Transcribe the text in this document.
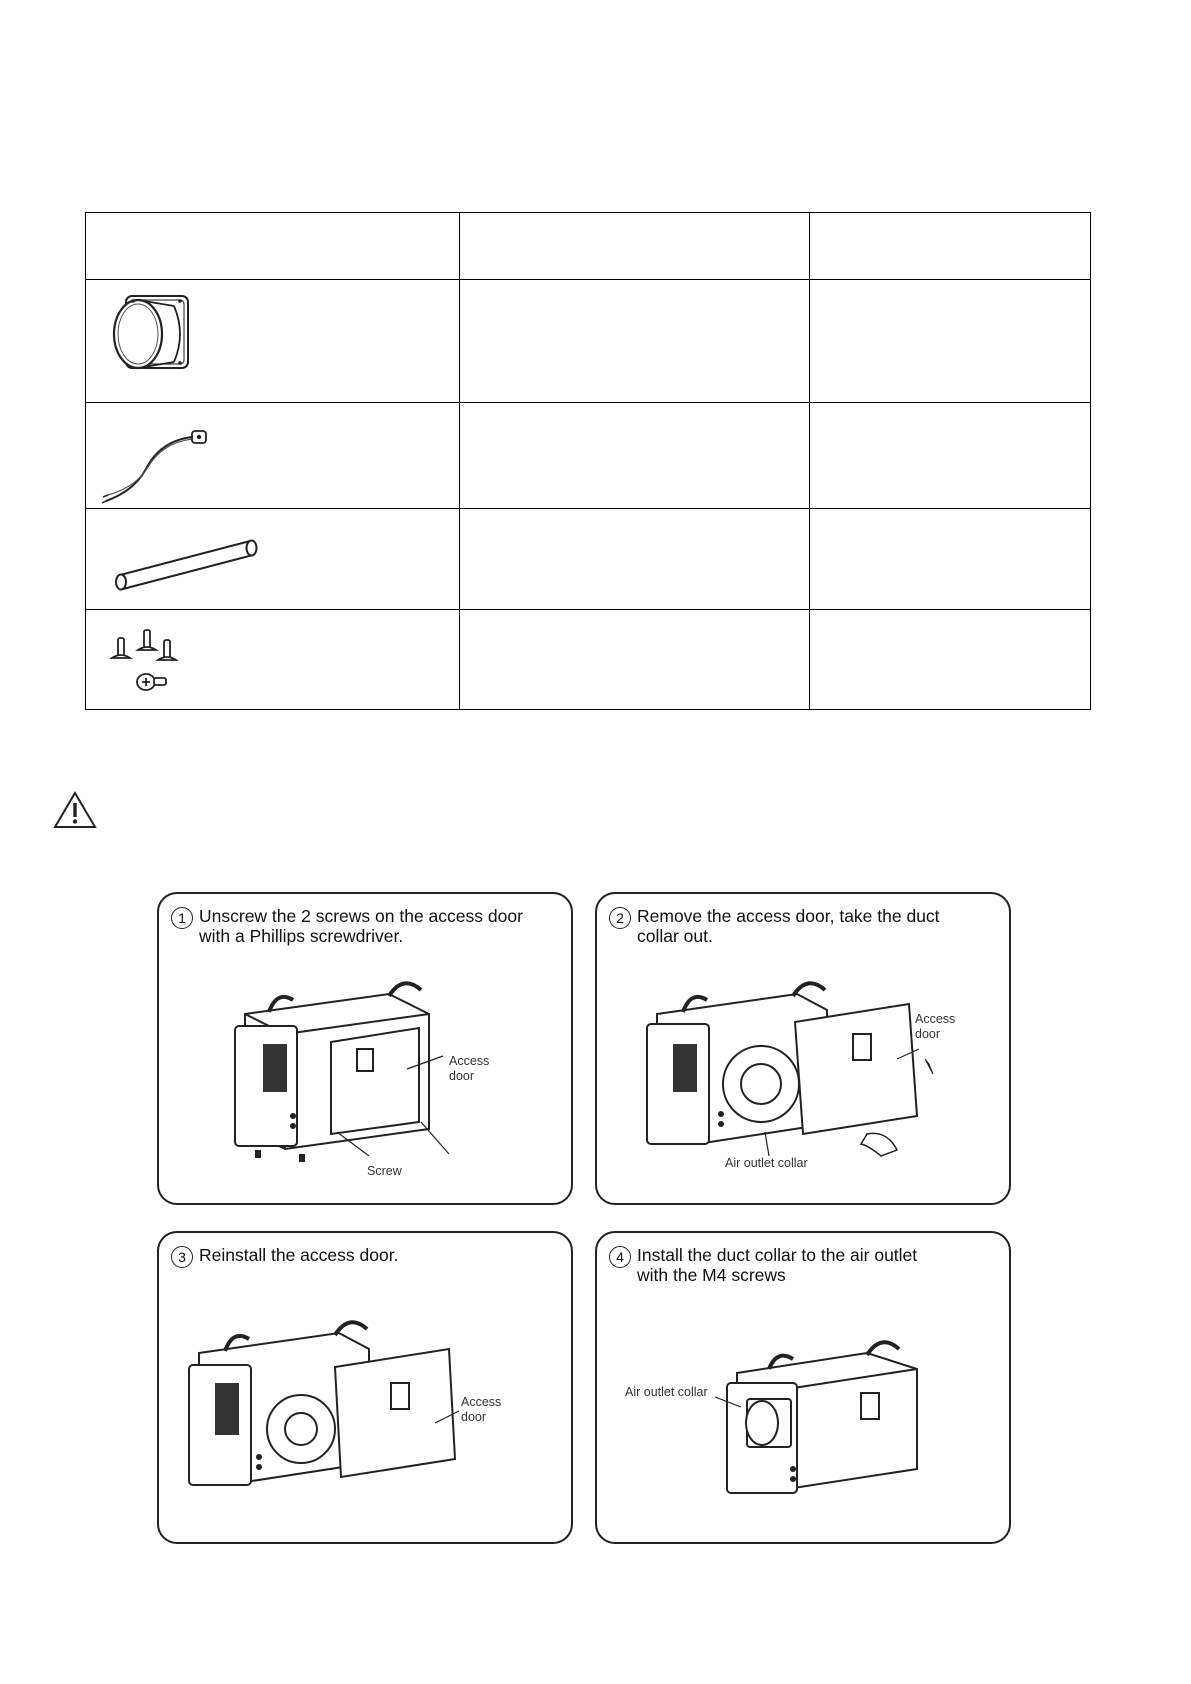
1 Unscrew the 2 screws on the access door
with a Phillips screwdriver.
Access
door
Screw
2 Remove the access door, take the duct
collar out.
Access
door
Air outlet collar
3 Reinstall the access door.
Access
door
4 Install the duct collar to the air outlet
with the M4 screws
Air outlet collar
